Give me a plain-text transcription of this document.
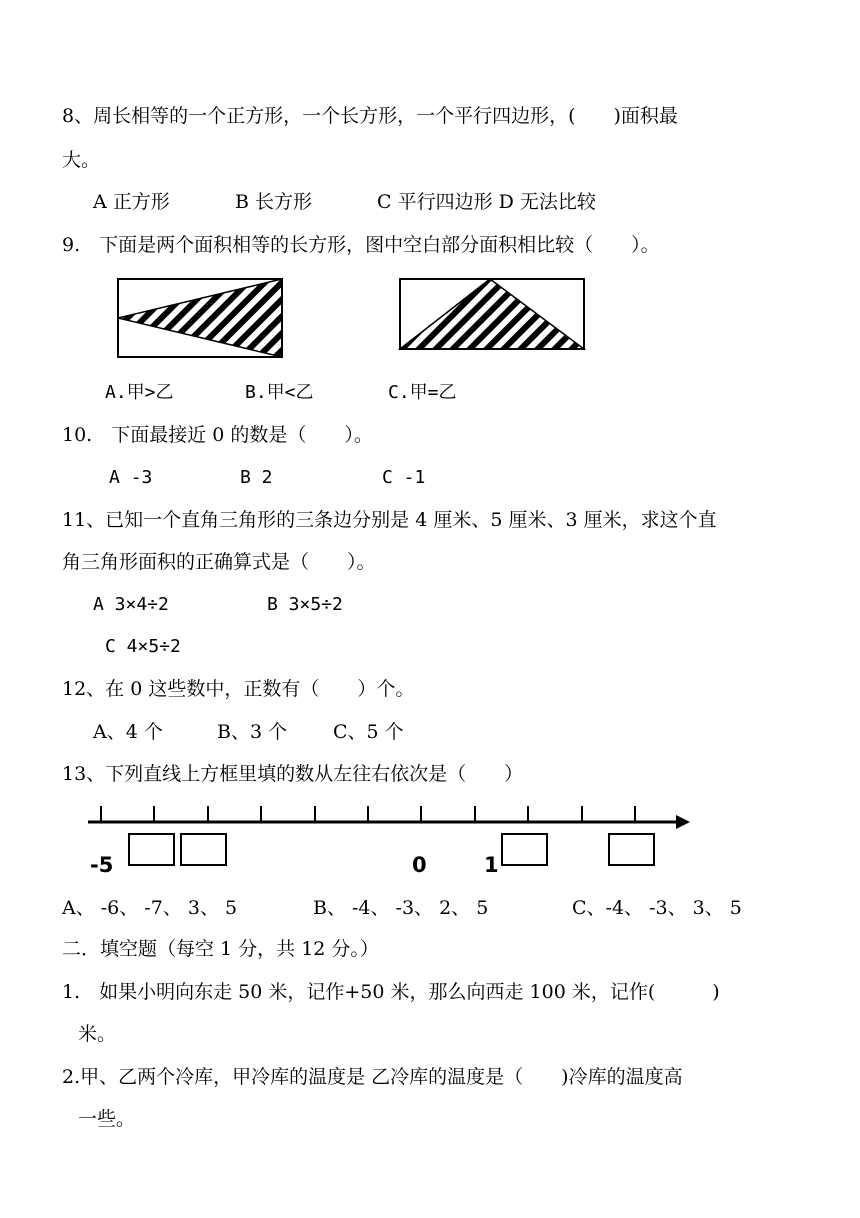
8、周长相等的一个正方形，一个长方形，一个平行四边形，(　　)面积最
大。
A 正方形	B 长方形	C 平行四边形 D 无法比较
9.　下面是两个面积相等的长方形，图中空白部分面积相比较（　　）。
A.甲>乙	B.甲<乙	C.甲=乙
10.　下面最接近 0 的数是（　　）。
A -3	B 2	C -1
11、已知一个直角三角形的三条边分别是 4 厘米、5 厘米、3 厘米，求这个直
角三角形面积的正确算式是（　　）。
A 3×4÷2	B 3×5÷2
C 4×5÷2
12、在 0 这些数中，正数有（　　）个。
A、4 个	B、3 个 C、5 个
13、下列直线上方框里填的数从左往右依次是（　　）
-5	0	1
A、 -6、 -7、 3、 5	B、 -4、 -3、 2、 5	C、-4、 -3、 3、 5
二．填空题（每空 1 分，共 12 分。）
1.　如果小明向东走 50 米，记作+50 米，那么向西走 100 米，记作(　　　)
米。
2.甲、乙两个冷库，甲冷库的温度是 乙冷库的温度是（　　)冷库的温度高
一些。
